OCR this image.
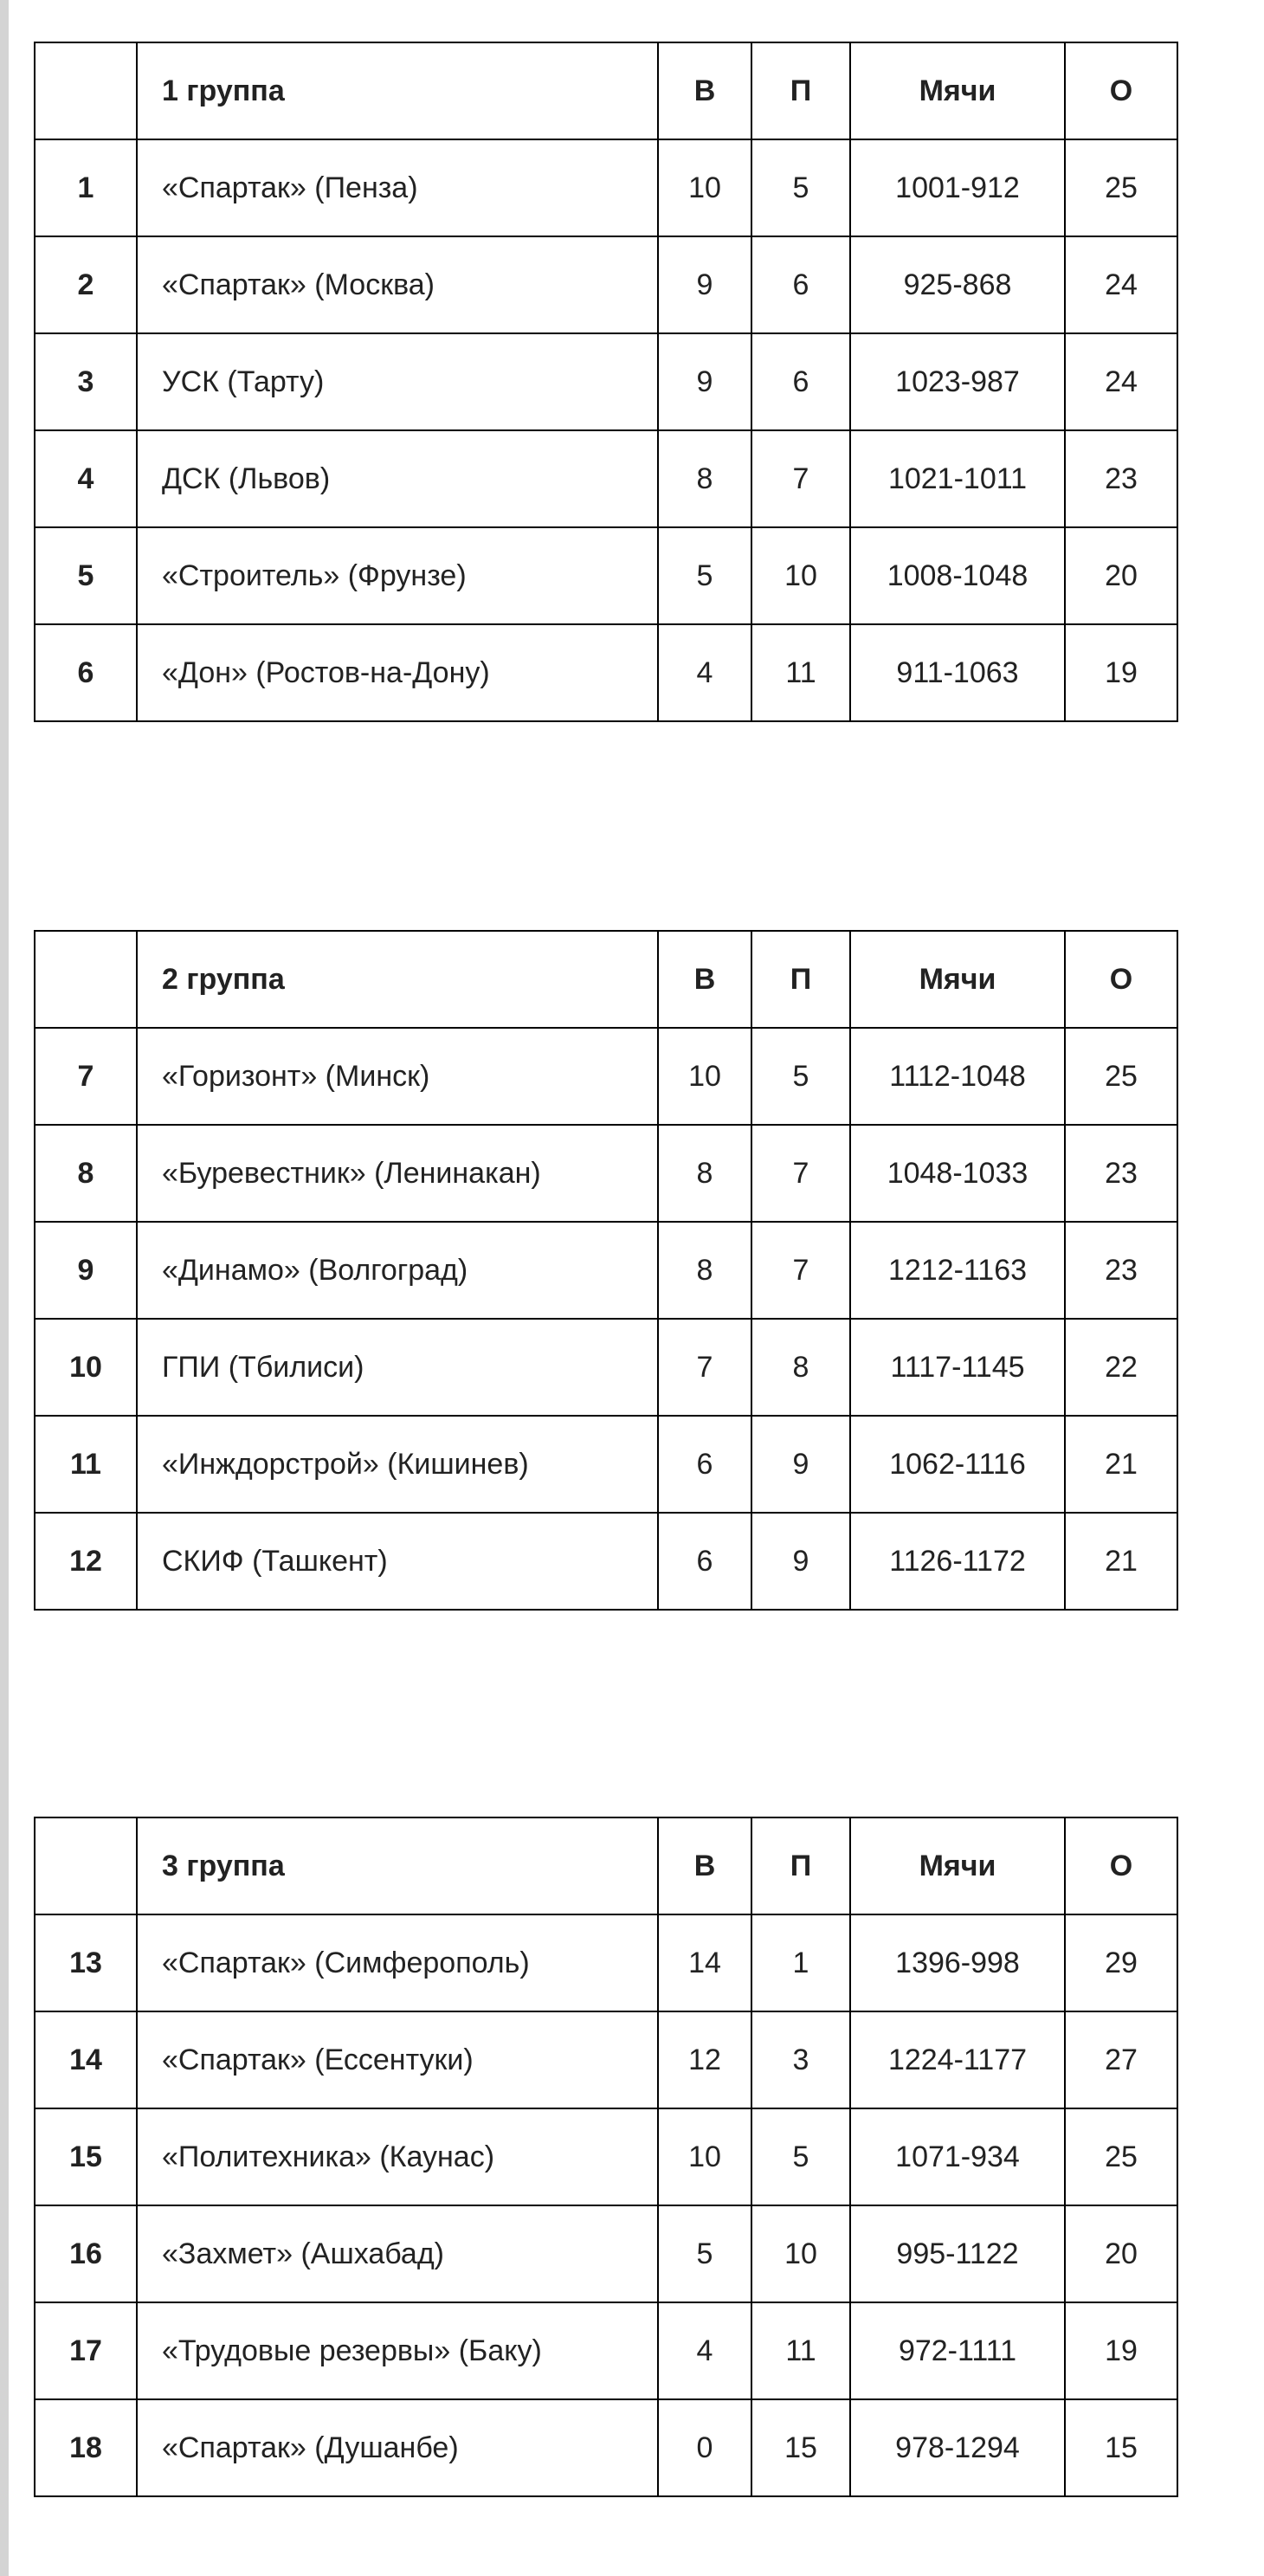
	1 группа	В	П	Мячи	О
1	«Спартак» (Пенза)	10	5	1001-912	25
2	«Спартак» (Москва)	9	6	925-868	24
3	УСК (Тарту)	9	6	1023-987	24
4	ДСК (Львов)	8	7	1021-1011	23
5	«Строитель» (Фрунзе)	5	10	1008-1048	20
6	«Дон» (Ростов-на-Дону)	4	11	911-1063	19
	2 группа	В	П	Мячи	О
7	«Горизонт» (Минск)	10	5	1112-1048	25
8	«Буревестник» (Ленинакан)	8	7	1048-1033	23
9	«Динамо» (Волгоград)	8	7	1212-1163	23
10	ГПИ (Тбилиси)	7	8	1117-1145	22
11	«Инждорстрой» (Кишинев)	6	9	1062-1116	21
12	СКИФ (Ташкент)	6	9	1126-1172	21
	3 группа	В	П	Мячи	О
13	«Спартак» (Симферополь)	14	1	1396-998	29
14	«Спартак» (Ессентуки)	12	3	1224-1177	27
15	«Политехника» (Каунас)	10	5	1071-934	25
16	«Захмет» (Ашхабад)	5	10	995-1122	20
17	«Трудовые резервы» (Баку)	4	11	972-1111	19
18	«Спартак» (Душанбе)	0	15	978-1294	15
